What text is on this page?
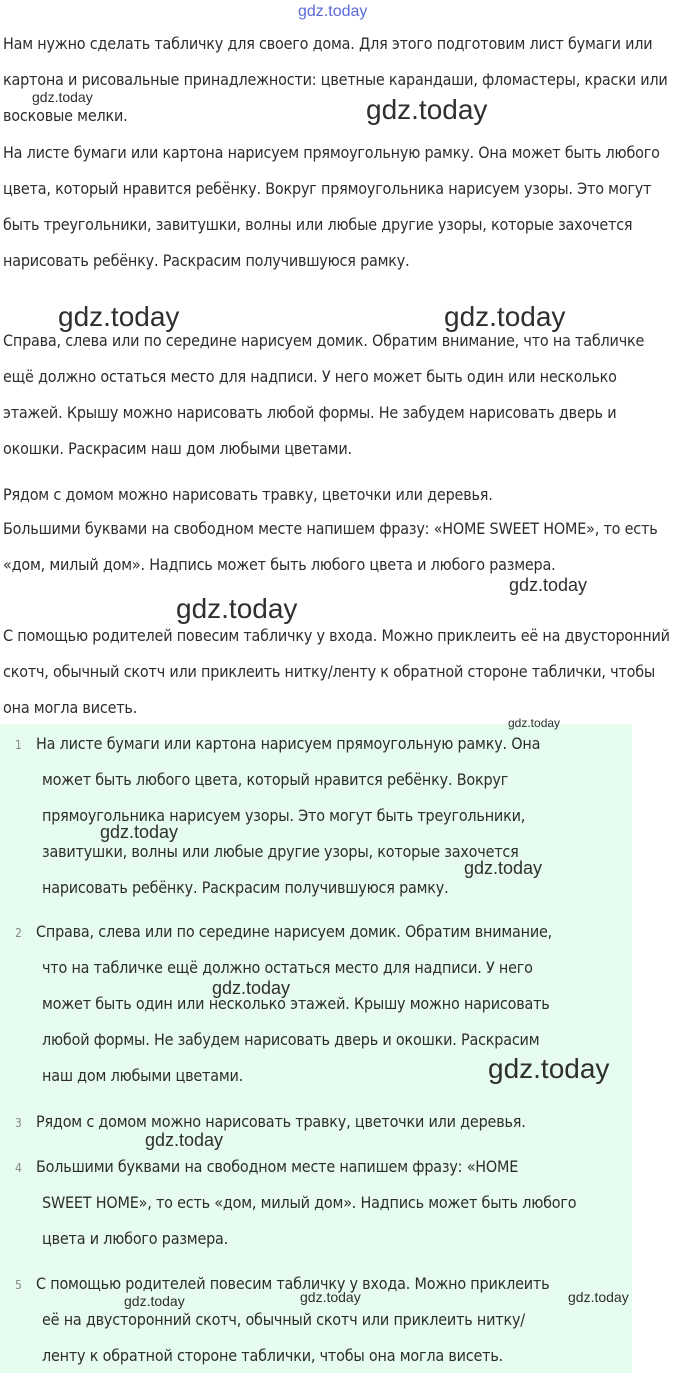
gdz.today
Нам нужно сделать табличку для своего дома. Для этого подготовим лист бумаги или картона и рисовальные принадлежности: цветные карандаши, фломастеры, краски или восковые мелки.
На листе бумаги или картона нарисуем прямоугольную рамку. Она может быть любого цвета, который нравится ребёнку. Вокруг прямоугольника нарисуем узоры. Это могут быть треугольники, завитушки, волны или любые другие узоры, которые захочется нарисовать ребёнку. Раскрасим получившуюся рамку.
Справа, слева или по середине нарисуем домик. Обратим внимание, что на табличке ещё должно остаться место для надписи. У него может быть один или несколько этажей. Крышу можно нарисовать любой формы. Не забудем нарисовать дверь и окошки. Раскрасим наш дом любыми цветами.
Рядом с домом можно нарисовать травку, цветочки или деревья.
Большими буквами на свободном месте напишем фразу: «HOME SWEET HOME», то есть «дом, милый дом». Надпись может быть любого цвета и любого размера.
С помощью родителей повесим табличку у входа. Можно приклеить её на двусторонний скотч, обычный скотч или приклеить нитку/ленту к обратной стороне таблички, чтобы она могла висеть.
1 На листе бумаги или картона нарисуем прямоугольную рамку. Она
может быть любого цвета, который нравится ребёнку. Вокруг
прямоугольника нарисуем узоры. Это могут быть треугольники,
завитушки, волны или любые другие узоры, которые захочется
нарисовать ребёнку. Раскрасим получившуюся рамку.
2 Справа, слева или по середине нарисуем домик. Обратим внимание,
что на табличке ещё должно остаться место для надписи. У него
может быть один или несколько этажей. Крышу можно нарисовать
любой формы. Не забудем нарисовать дверь и окошки. Раскрасим
наш дом любыми цветами.
3 Рядом с домом можно нарисовать травку, цветочки или деревья.
4 Большими буквами на свободном месте напишем фразу: «HOME
SWEET HOME», то есть «дом, милый дом». Надпись может быть любого
цвета и любого размера.
5 С помощью родителей повесим табличку у входа. Можно приклеить
её на двусторонний скотч, обычный скотч или приклеить нитку/
ленту к обратной стороне таблички, чтобы она могла висеть.
gdz.today	gdz.today
gdz.today	gdz.today
gdz.today
gdz.today
gdz.today
gdz.today
gdz.today
gdz.today
gdz.today
gdz.today
gdz.today	gdz.today	gdz.today
